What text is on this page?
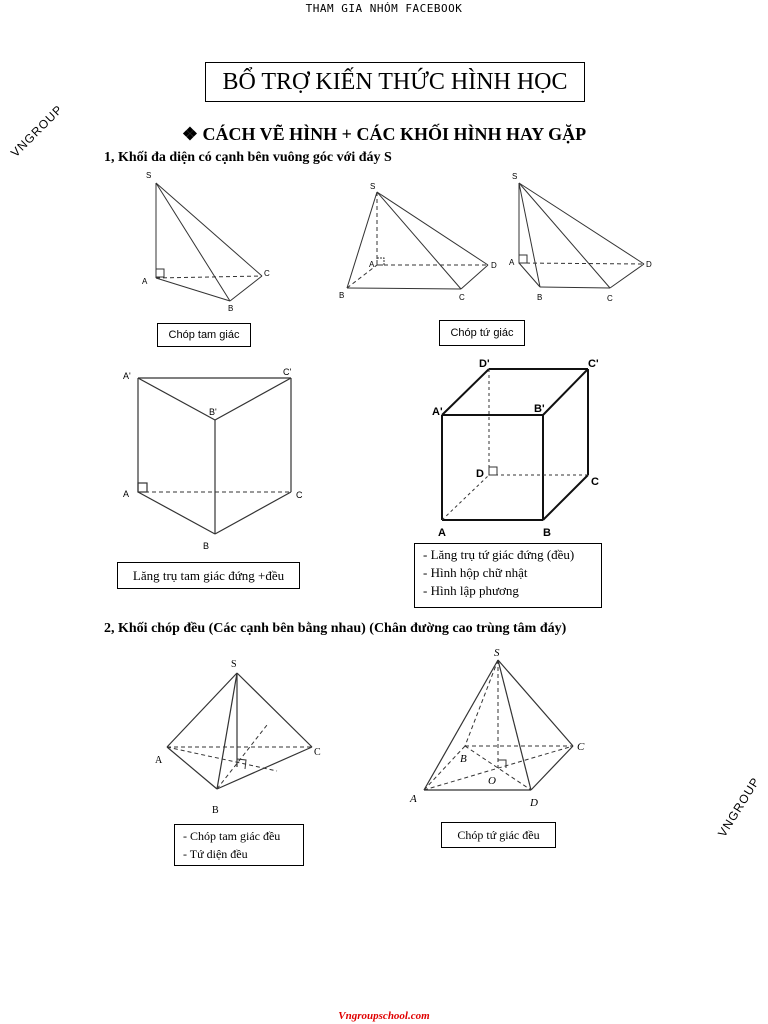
THAM GIA NHÓM FACEBOOK
BỔ TRỢ KIẾN THỨC HÌNH HỌC
VNGROUP
VNGROUP
❖ CÁCH VẼ HÌNH + CÁC KHỐI HÌNH HAY GẶP
1, Khối đa diện có cạnh bên vuông góc với đáy S
S
A
B
C
Chóp tam giác
S
A
B	C
D
Chóp tứ giác
S
A
B	C
D
A'
B'
C'
A
B
C
Lăng trụ tam giác đứng +đều
D'	C'
A'	B'
D
C
A	B
- Lăng trụ tứ giác đứng (đều)
- Hình hộp chữ nhật
- Hình lập phương
2, Khối chóp đều (Các cạnh bên bằng nhau) (Chân đường cao trùng tâm đáy)
S
A
B
C
- Chóp tam giác đều
- Tứ diện đều
S
A
B
C
D
O
Chóp tứ giác đều
Vngroupschool.com
